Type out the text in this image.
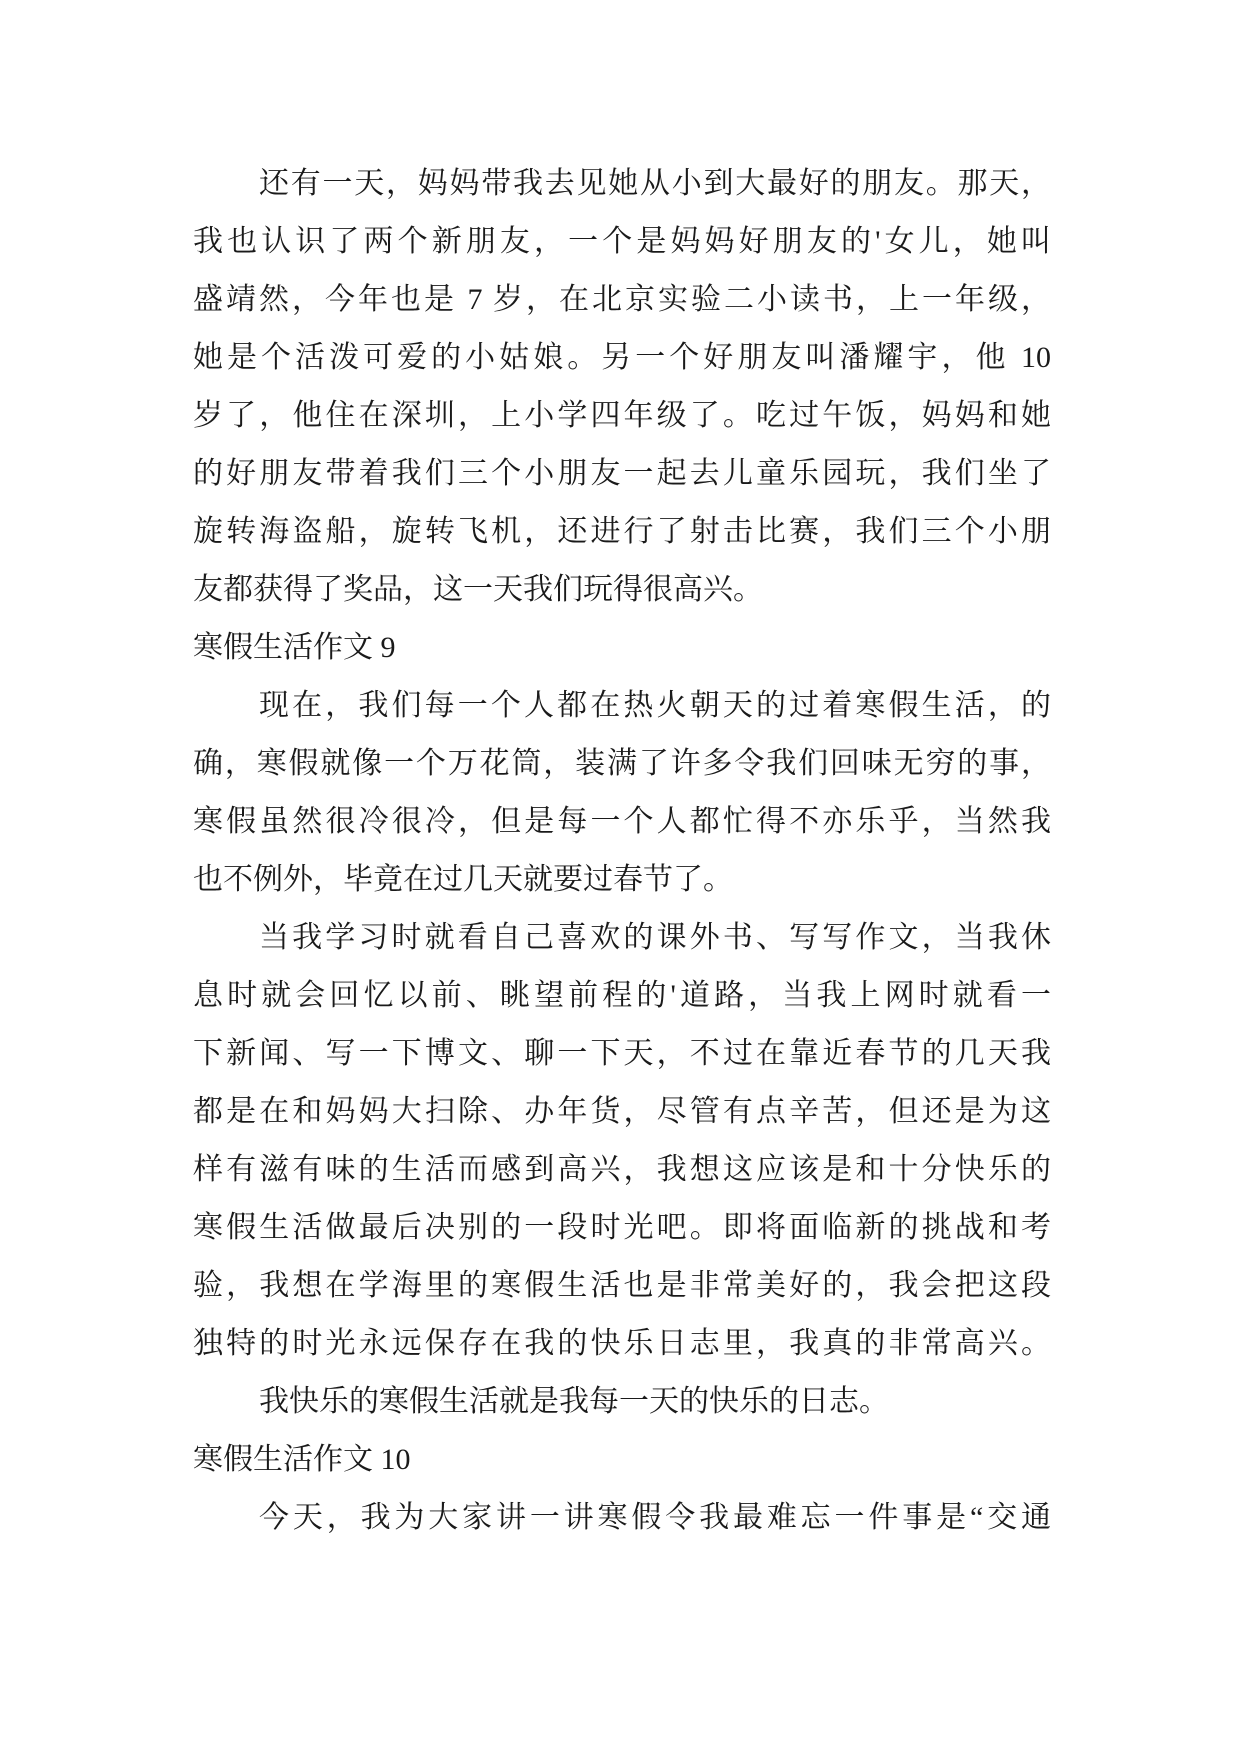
还有一天，妈妈带我去见她从小到大最好的朋友。那天，
我也认识了两个新朋友，一个是妈妈好朋友的'女儿，她叫
盛靖然，今年也是 7 岁，在北京实验二小读书，上一年级，
她是个活泼可爱的小姑娘。另一个好朋友叫潘耀宇，他 10
岁了，他住在深圳，上小学四年级了。吃过午饭，妈妈和她
的好朋友带着我们三个小朋友一起去儿童乐园玩，我们坐了
旋转海盗船，旋转飞机，还进行了射击比赛，我们三个小朋
友都获得了奖品，这一天我们玩得很高兴。
寒假生活作文 9
现在，我们每一个人都在热火朝天的过着寒假生活，的
确，寒假就像一个万花筒，装满了许多令我们回味无穷的事，
寒假虽然很冷很冷，但是每一个人都忙得不亦乐乎，当然我
也不例外，毕竟在过几天就要过春节了。
当我学习时就看自己喜欢的课外书、写写作文，当我休
息时就会回忆以前、眺望前程的'道路，当我上网时就看一
下新闻、写一下博文、聊一下天，不过在靠近春节的几天我
都是在和妈妈大扫除、办年货，尽管有点辛苦，但还是为这
样有滋有味的生活而感到高兴，我想这应该是和十分快乐的
寒假生活做最后决别的一段时光吧。即将面临新的挑战和考
验，我想在学海里的寒假生活也是非常美好的，我会把这段
独特的时光永远保存在我的快乐日志里，我真的非常高兴。
我快乐的寒假生活就是我每一天的快乐的日志。
寒假生活作文 10
今天，我为大家讲一讲寒假令我最难忘一件事是“交通
